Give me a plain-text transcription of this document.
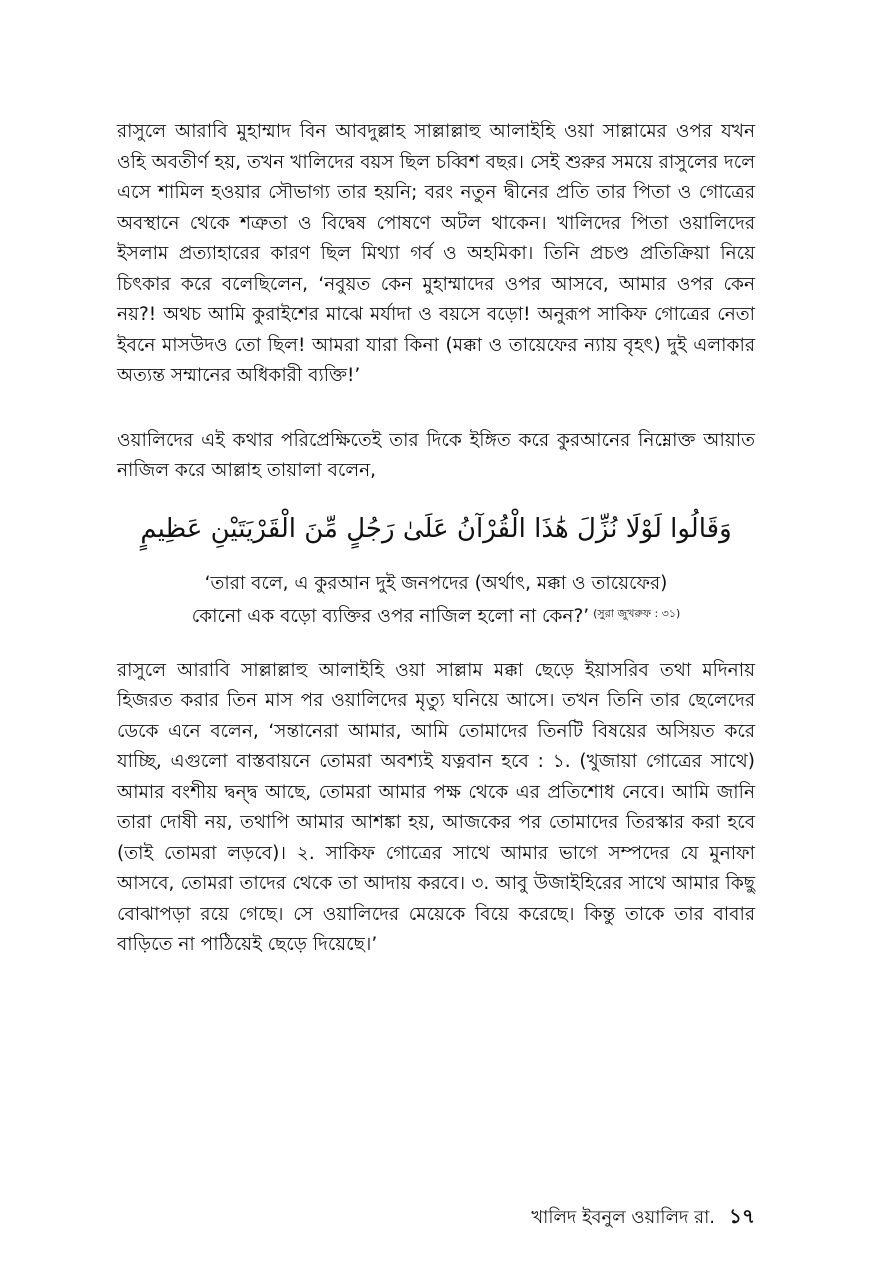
রাসুলে আরাবি মুহাম্মাদ বিন আবদুল্লাহ সাল্লাল্লাহু আলাইহি ওয়া সাল্লামের ওপর যখন ওহি অবতীর্ণ হয়, তখন খালিদের বয়স ছিল চব্বিশ বছর। সেই শুরুর সময়ে রাসুলের দলে এসে শামিল হওয়ার সৌভাগ্য তার হয়নি; বরং নতুন দ্বীনের প্রতি তার পিতা ও গোত্রের অবস্থানে থেকে শত্রুতা ও বিদ্বেষ পোষণে অটল থাকেন। খালিদের পিতা ওয়ালিদের ইসলাম প্রত্যাহারের কারণ ছিল মিথ্যা গর্ব ও অহমিকা। তিনি প্রচণ্ড প্রতিক্রিয়া নিয়ে চিৎকার করে বলেছিলেন, ‘নবুয়ত কেন মুহাম্মাদের ওপর আসবে, আমার ওপর কেন নয়?! অথচ আমি কুরাইশের মাঝে মর্যাদা ও বয়সে বড়ো! অনুরূপ সাকিফ গোত্রের নেতা ইবনে মাসউদও তো ছিল! আমরা যারা কিনা (মক্কা ও তায়েফের ন্যায় বৃহৎ) দুই এলাকার অত্যন্ত সম্মানের অধিকারী ব্যক্তি!’

ওয়ালিদের এই কথার পরিপ্রেক্ষিতেই তার দিকে ইঙ্গিত করে কুরআনের নিম্নোক্ত আয়াত নাজিল করে আল্লাহ তায়ালা বলেন,

وَقَالُوا لَوْلَا نُزِّلَ هَٰذَا الْقُرْآنُ عَلَىٰ رَجُلٍ مِّنَ الْقَرْيَتَيْنِ عَظِيمٍ

‘তারা বলে, এ কুরআন দুই জনপদের (অর্থাৎ, মক্কা ও তায়েফের)
কোনো এক বড়ো ব্যক্তির ওপর নাজিল হলো না কেন?’ $^{(সুরা জুখরুফ : ৩১)}$

রাসুলে আরাবি সাল্লাল্লাহু আলাইহি ওয়া সাল্লাম মক্কা ছেড়ে ইয়াসরিব তথা মদিনায় হিজরত করার তিন মাস পর ওয়ালিদের মৃত্যু ঘনিয়ে আসে। তখন তিনি তার ছেলেদের ডেকে এনে বলেন, ‘সন্তানেরা আমার, আমি তোমাদের তিনটি বিষয়ের অসিয়ত করে যাচ্ছি, এগুলো বাস্তবায়নে তোমরা অবশ্যই যত্নবান হবে : ১. (খুজায়া গোত্রের সাথে) আমার বংশীয় দ্বন্দ্ব আছে, তোমরা আমার পক্ষ থেকে এর প্রতিশোধ নেবে। আমি জানি তারা দোষী নয়, তথাপি আমার আশঙ্কা হয়, আজকের পর তোমাদের তিরস্কার করা হবে (তাই তোমরা লড়বে)। ২. সাকিফ গোত্রের সাথে আমার ভাগে সম্পদের যে মুনাফা আসবে, তোমরা তাদের থেকে তা আদায় করবে। ৩. আবু উজাইহিরের সাথে আমার কিছু বোঝাপড়া রয়ে গেছে। সে ওয়ালিদের মেয়েকে বিয়ে করেছে। কিন্তু তাকে তার বাবার বাড়িতে না পাঠিয়েই ছেড়ে দিয়েছে।’

খালিদ ইবনুল ওয়ালিদ রা. ১৭
